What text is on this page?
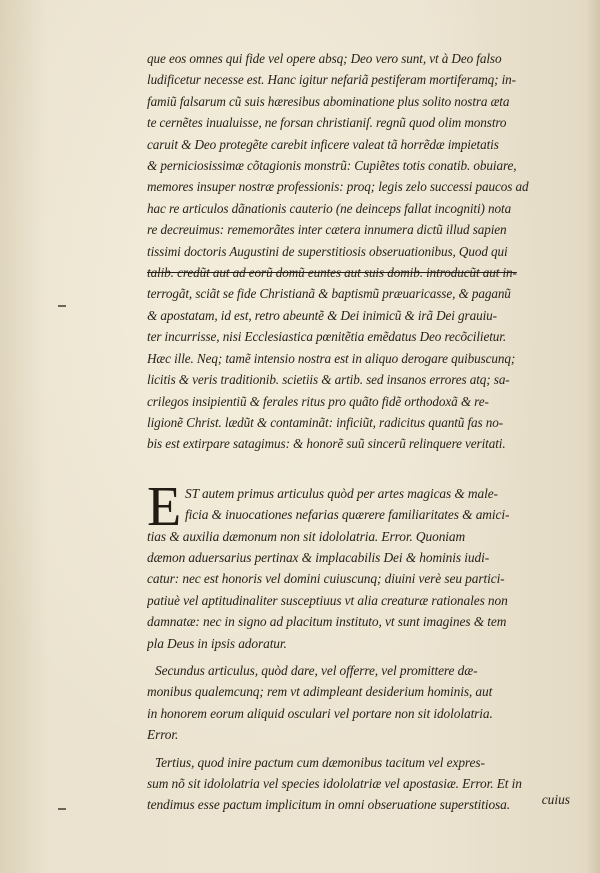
que eos omnes qui fide vel opere absq; Deo vero sunt, vt à Deo falso
ludificetur necesse est. Hanc igitur nefariã pestiferam mortiferamq; in-
famiũ falsarum cũ suis hæresibus abominatione plus solito nostra æta
te cernẽtes inualuisse, ne forsan christianiſ. regnũ quod olim monstro
caruit & Deo protegẽte carebit inficere valeat tã horrẽdæ impietatis
& perniciosissimæ cõtagionis monstrũ: Cupiẽtes totis conatib. obuiare,
memores insuper nostræ professionis: proq; legis zelo successi paucos ad
hac re articulos dãnationis cauterio (ne deinceps fallat incogniti) nota
re decreuimus: rememorãtes inter cætera innumera dictũ illud sapien
tissimi doctoris Augustini de superstitiosis obseruationibus, Quod qui
talib. credũt aut ad eorũ domũ euntes aut suis domib. introducũt aut in-
terrogãt, sciãt se fide Christianã & baptismũ præuaricasse, & paganũ
& apostatam, id est, retro abeuntẽ & Dei inimicũ & irã Dei grauiu-
ter incurrisse, nisi Ecclesiastica pœnitẽtia emẽdatus Deo recõcilietur.
Hæc ille. Neq; tamẽ intensio nostra est in aliquo derogare quibuscunq;
licitis & veris traditionib. scietiis & artib. sed insanos errores atq; sa-
crilegos insipientiũ & ferales ritus pro quãto fidẽ orthodoxã & re-
ligionẽ Christ. lædũt & contaminãt: inficiũt, radicitus quantũ fas no-
bis est extirpare satagimus: & honorẽ suũ sincerũ relinquere veritati.
E ST autem primus articulus quòd per artes magicas & male-
ficia & inuocationes nefarias quærere familiaritates & amici-
tias & auxilia dæmonum non sit idololatria. Error. Quoniam
dæmon aduersarius pertinax & implacabilis Dei & hominis iudi-
catur: nec est honoris vel domini cuiuscunq; diuini verè seu partici-
patiuè vel aptitudinaliter susceptiuus vt alia creaturæ rationales non
damnatæ: nec in signo ad placitum instituto, vt sunt imagines & tem
pla Deus in ipsis adoratur.
Secundus articulus, quòd dare, vel offerre, vel promittere dæ-
monibus qualemcunq; rem vt adimpleant desiderium hominis, aut
in honorem eorum aliquid osculari vel portare non sit idololatria.
Error.
Tertius, quod inire pactum cum dæmonibus tacitum vel expres-
sum nõ sit idololatria vel species idololatriæ vel apostasiæ. Error. Et in
tendimus esse pactum implicitum in omni obseruatione superstitiosa.	cuius
